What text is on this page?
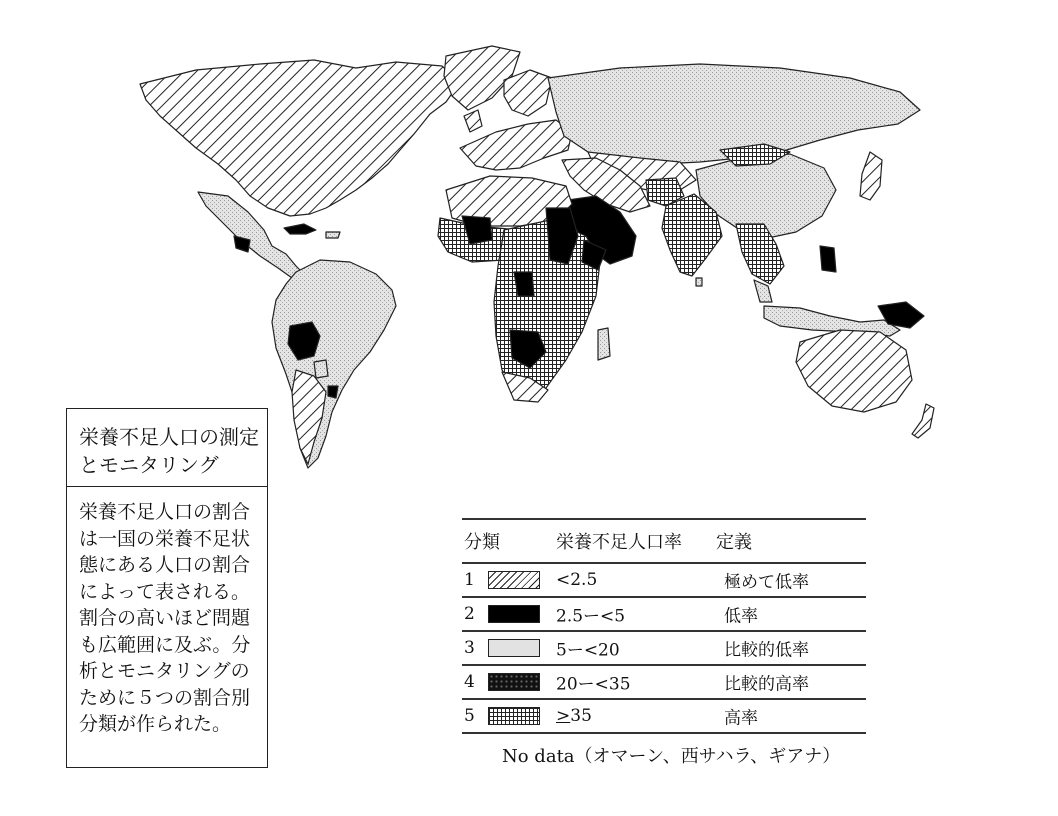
栄養不足人口の測定とモニタリング
栄養不足人口の割合は一国の栄養不足状態にある人口の割合によって表される。割合の高いほど問題も広範囲に及ぶ。分析とモニタリングのために５つの割合別分類が作られた。
分類	栄養不足人口率 定義
1	<2.5	極めて低率
2	2.5ー<5	低率
3	5ー<20	比較的低率
4	20ー<35	比較的高率
5	>35	高率
No data（オマーン、西サハラ、ギアナ）
